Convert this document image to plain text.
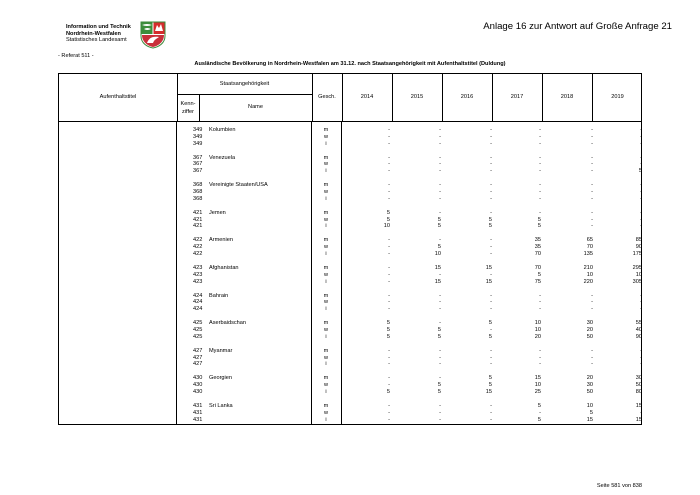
Information und Technik
Nordrhein-Westfalen
Statistisches Landesamt
Anlage 16 zur Antwort auf Große Anfrage 21
- Referat 511 -
Ausländische Bevölkerung in Nordrhein-Westfalen am 31.12. nach Staatsangehörigkeit mit Aufenthaltstitel (Duldung)
Aufenthaltstitel
Staatsangehörigkeit
Kenn-
ziffer
Name
Gesch.	2014	2015	2016	2017	2018	2019
349 Kolumbien	m	-	-	-	-	-	-
349	w	-	-	-	-	-	-
349	i	-	-	-	-	-	-
367 Venezuela	m	-	-	-	-	-	-
367	w	-	-	-	-	-	-
367	i	-	-	-	-	-	5
368 Vereinigte Staaten/USA	m	-	-	-	-	-	-
368	w	-	-	-	-	-	-
368	i	-	-	-	-	-	-
421 Jemen	m	5	-	-	-	-	-
421	w	5	5	5	5	-	-
421	i	10	5	5	5	-	-
422 Armenien	m	-	-	-	35	65	85
422	w	-	5	-	35	70	90
422	i	-	10	-	70	135	175
423 Afghanistan	m	-	15	15	70	210	295
423	w	-	-	-	5	10	10
423	i	-	15	15	75	220	305
424 Bahrain	m	-	-	-	-	-	-
424	w	-	-	-	-	-	-
424	i	-	-	-	-	-	-
425 Aserbaidschan	m	5	-	5	10	30	55
425	w	5	5	-	10	20	40
425	i	5	5	5	20	50	90
427 Myanmar	m	-	-	-	-	-	-
427	w	-	-	-	-	-	-
427	i	-	-	-	-	-	-
430 Georgien	m	-	-	5	15	20	30
430	w	-	5	5	10	30	50
430	i	5	5	15	25	50	80
431 Sri Lanka	m	-	-	-	5	10	15
431	w	-	-	-	-	5	-
431	i	-	-	-	5	15	15
Seite 581 von 838
